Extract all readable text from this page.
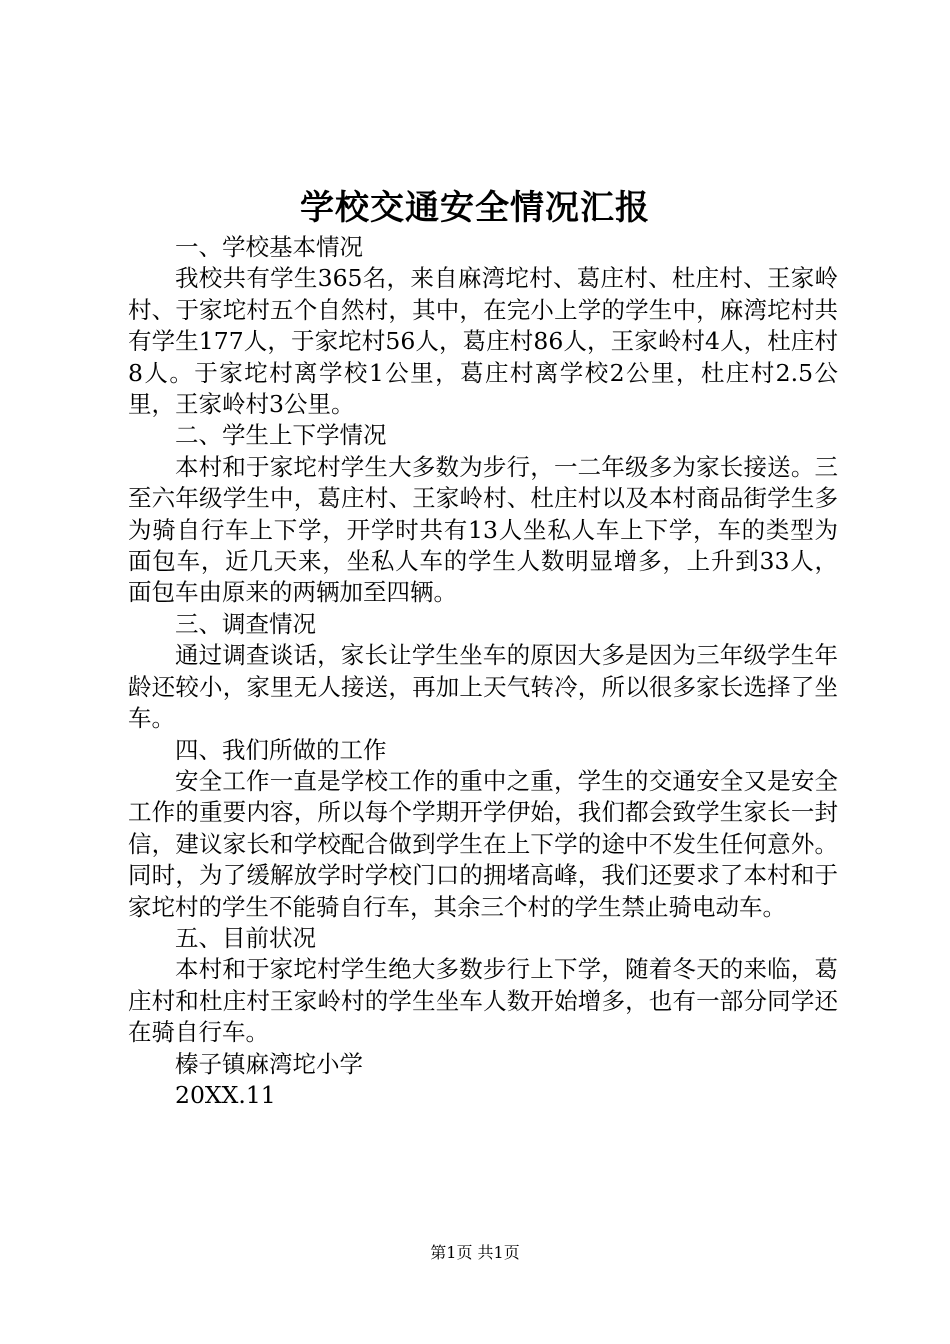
学校交通安全情况汇报

一、学校基本情况

我校共有学生365名，来自麻湾坨村、葛庄村、杜庄村、王家岭村、于家坨村五个自然村，其中，在完小上学的学生中，麻湾坨村共有学生177人，于家坨村56人，葛庄村86人，王家岭村4人，杜庄村8人。于家坨村离学校1公里，葛庄村离学校2公里，杜庄村2.5公里，王家岭村3公里。

二、学生上下学情况

本村和于家坨村学生大多数为步行，一二年级多为家长接送。三至六年级学生中，葛庄村、王家岭村、杜庄村以及本村商品街学生多为骑自行车上下学，开学时共有13人坐私人车上下学，车的类型为面包车，近几天来，坐私人车的学生人数明显增多，上升到33人，面包车由原来的两辆加至四辆。

三、调查情况

通过调查谈话，家长让学生坐车的原因大多是因为三年级学生年龄还较小，家里无人接送，再加上天气转冷，所以很多家长选择了坐车。

四、我们所做的工作

安全工作一直是学校工作的重中之重，学生的交通安全又是安全工作的重要内容，所以每个学期开学伊始，我们都会致学生家长一封信，建议家长和学校配合做到学生在上下学的途中不发生任何意外。同时，为了缓解放学时学校门口的拥堵高峰，我们还要求了本村和于家坨村的学生不能骑自行车，其余三个村的学生禁止骑电动车。

五、目前状况

本村和于家坨村学生绝大多数步行上下学，随着冬天的来临，葛庄村和杜庄村王家岭村的学生坐车人数开始增多，也有一部分同学还在骑自行车。

榛子镇麻湾坨小学

20XX.11

第1页 共1页
